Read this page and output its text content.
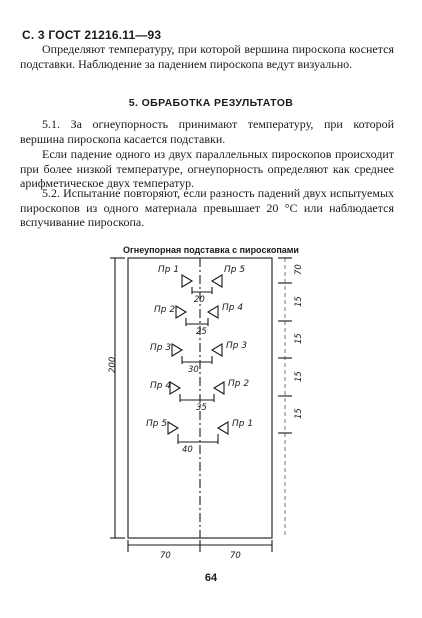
С. 3 ГОСТ 21216.11—93

Определяют температуру, при которой вершина пироскопа коснется подставки. Наблюдение за падением пироскопа ведут визуально.

5. ОБРАБОТКА РЕЗУЛЬТАТОВ

5.1. За огнеупорность принимают температуру, при которой вершина пироскопа касается подставки.

Если падение одного из двух параллельных пироскопов происходит при более низкой температуре, огнеупорность определяют как среднее арифметическое двух температур.

5.2. Испытание повторяют, если разность падений двух испытуемых пироскопов из одного материала превышает 20 °C или наблюдается вспучивание пироскопа.

Огнеупорная подставка с пироскопами
Пр 1	Пр 5
Пр 2	Пр 4
Пр 3	Пр 3
Пр 4	Пр 2
Пр 5	Пр 1
20
25
30
35
40
70
15
15
15
15
200
70	70
64
